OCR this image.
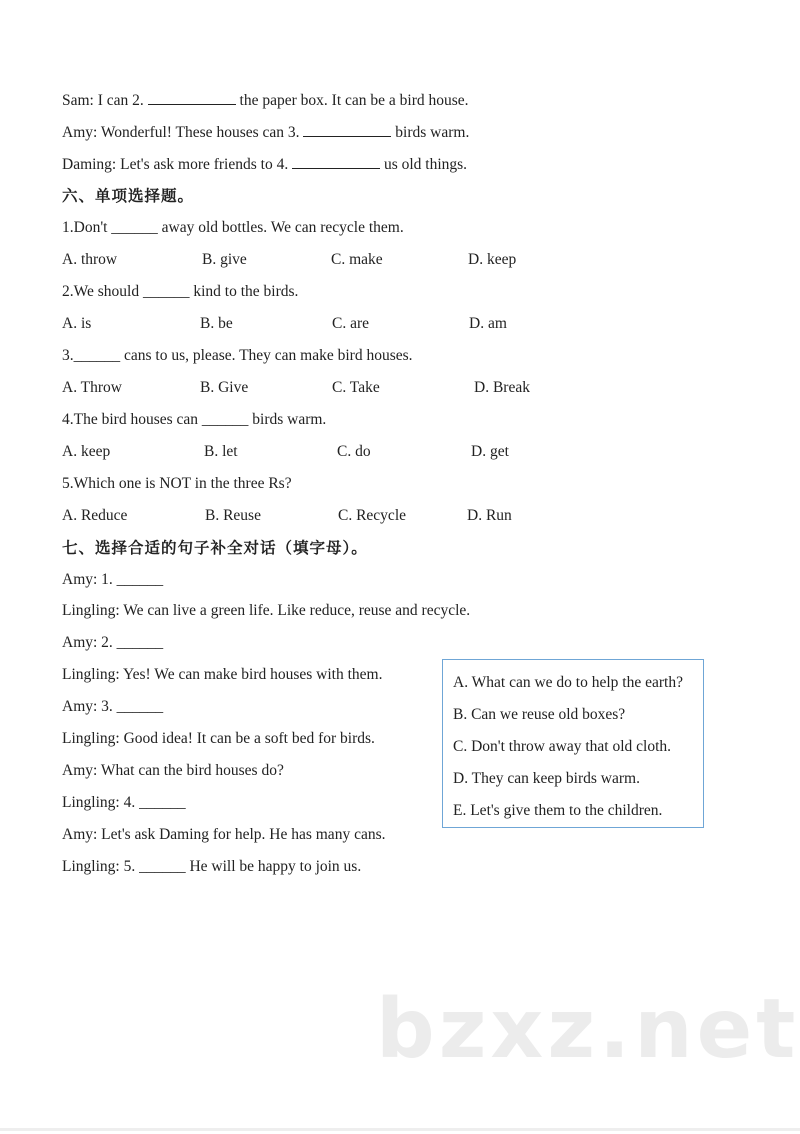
Sam: I can 2.	the paper box. It can be a bird house.
Amy: Wonderful! These houses can 3.	birds warm.
Daming: Let's ask more friends to 4.	us old things.
六、单项选择题。
1.Don't ______ away old bottles. We can recycle them.
A. throw	B. give	C. make	D. keep
2.We should ______ kind to the birds.
A. is	B. be	C. are	D. am
3.______ cans to us, please. They can make bird houses.
A. Throw	B. Give	C. Take	D. Break
4.The bird houses can ______ birds warm.
A. keep	B. let	C. do	D. get
5.Which one is NOT in the three Rs?
A. Reduce	B. Reuse	C. Recycle	D. Run
七、选择合适的句子补全对话（填字母）。
Amy: 1. ______
Lingling: We can live a green life. Like reduce, reuse and recycle.
Amy: 2. ______
Lingling: Yes! We can make bird houses with them.
Amy: 3. ______
Lingling: Good idea! It can be a soft bed for birds.
Amy: What can the bird houses do?
Lingling: 4. ______
Amy: Let's ask Daming for help. He has many cans.
Lingling: 5. ______ He will be happy to join us.
A. What can we do to help the earth?
B. Can we reuse old boxes?
C. Don't throw away that old cloth.
D. They can keep birds warm.
E. Let's give them to the children.
bzxz.net
